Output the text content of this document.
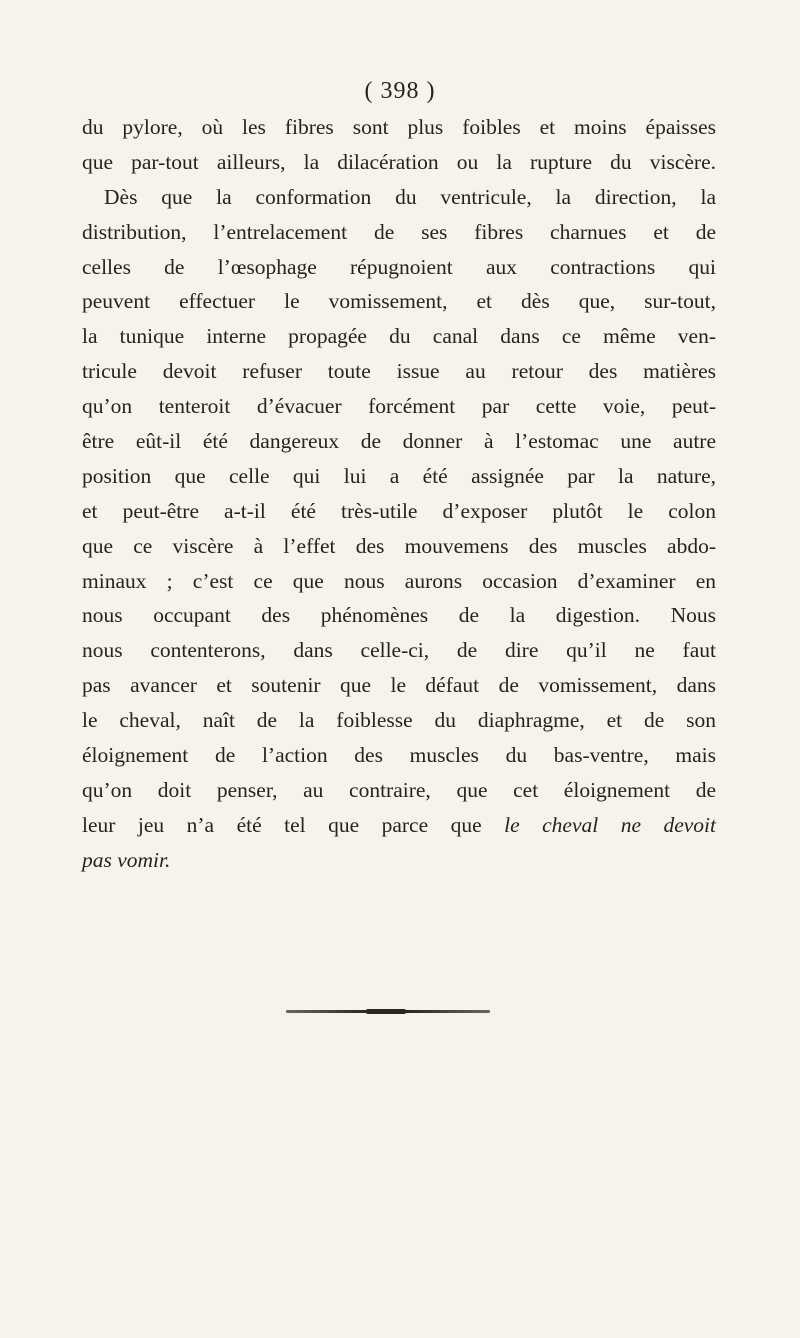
( 398 )
du pylore, où les fibres sont plus foibles et moins épaisses
que par-tout ailleurs, la dilacération ou la rupture du viscère.
Dès que la conformation du ventricule, la direction, la
distribution, l’entrelacement de ses fibres charnues et de
celles de l’œsophage répugnoient aux contractions qui
peuvent effectuer le vomissement, et dès que, sur-tout,
la tunique interne propagée du canal dans ce même ven-
tricule devoit refuser toute issue au retour des matières
qu’on tenteroit d’évacuer forcément par cette voie, peut-
être eût-il été dangereux de donner à l’estomac une autre
position que celle qui lui a été assignée par la nature,
et peut-être a-t-il été très-utile d’exposer plutôt le colon
que ce viscère à l’effet des mouvemens des muscles abdo-
minaux ; c’est ce que nous aurons occasion d’examiner en
nous occupant des phénomènes de la digestion. Nous
nous contenterons, dans celle-ci, de dire qu’il ne faut
pas avancer et soutenir que le défaut de vomissement, dans
le cheval, naît de la foiblesse du diaphragme, et de son
éloignement de l’action des muscles du bas-ventre, mais
qu’on doit penser, au contraire, que cet éloignement de
leur jeu n’a été tel que parce que le cheval ne devoit
pas vomir.
